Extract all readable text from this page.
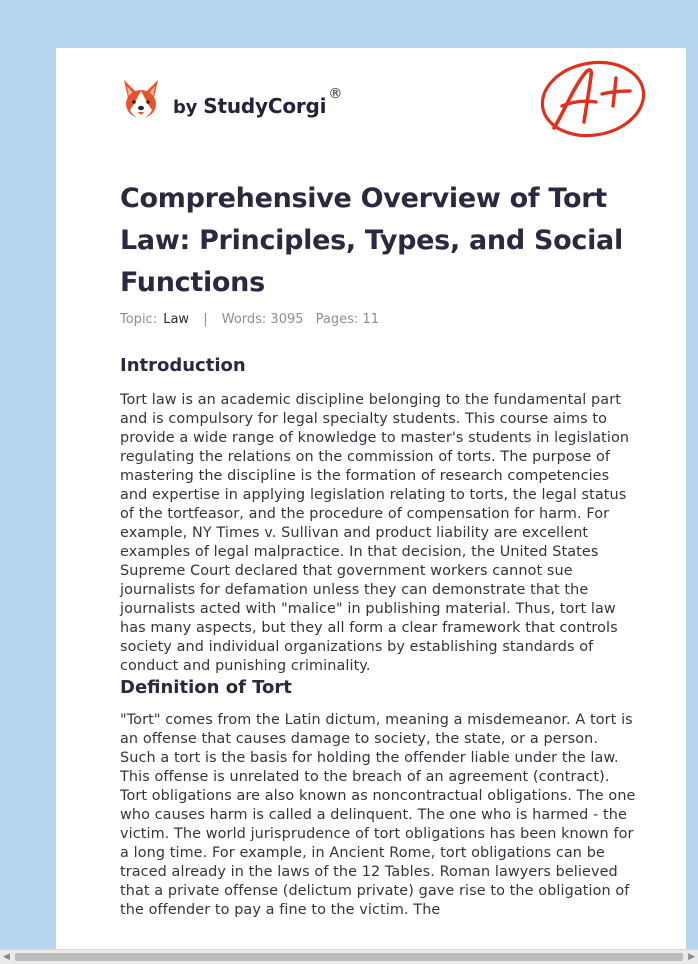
by StudyCorgi ®
Comprehensive Overview of Tort Law: Principles, Types, and Social Functions
Topic: Law | Words: 3095 Pages: 11
Introduction

Tort law is an academic discipline belonging to the fundamental part and is compulsory for legal specialty students. This course aims to provide a wide range of knowledge to master's students in legislation regulating the relations on the commission of torts. The purpose of mastering the discipline is the formation of research competencies and expertise in applying legislation relating to torts, the legal status of the tortfeasor, and the procedure of compensation for harm. For example, NY Times v. Sullivan and product liability are excellent examples of legal malpractice. In that decision, the United States Supreme Court declared that government workers cannot sue journalists for defamation unless they can demonstrate that the journalists acted with "malice" in publishing material. Thus, tort law has many aspects, but they all form a clear framework that controls society and individual organizations by establishing standards of conduct and punishing criminality.

Definition of Tort

"Tort" comes from the Latin dictum, meaning a misdemeanor. A tort is an offense that causes damage to society, the state, or a person. Such a tort is the basis for holding the offender liable under the law. This offense is unrelated to the breach of an agreement (contract). Tort obligations are also known as noncontractual obligations. The one who causes harm is called a delinquent. The one who is harmed - the victim. The world jurisprudence of tort obligations has been known for a long time. For example, in Ancient Rome, tort obligations can be traced already in the laws of the 12 Tables. Roman lawyers believed that a private offense (delictum private) gave rise to the obligation of the offender to pay a fine to the victim. The

◀	▶
